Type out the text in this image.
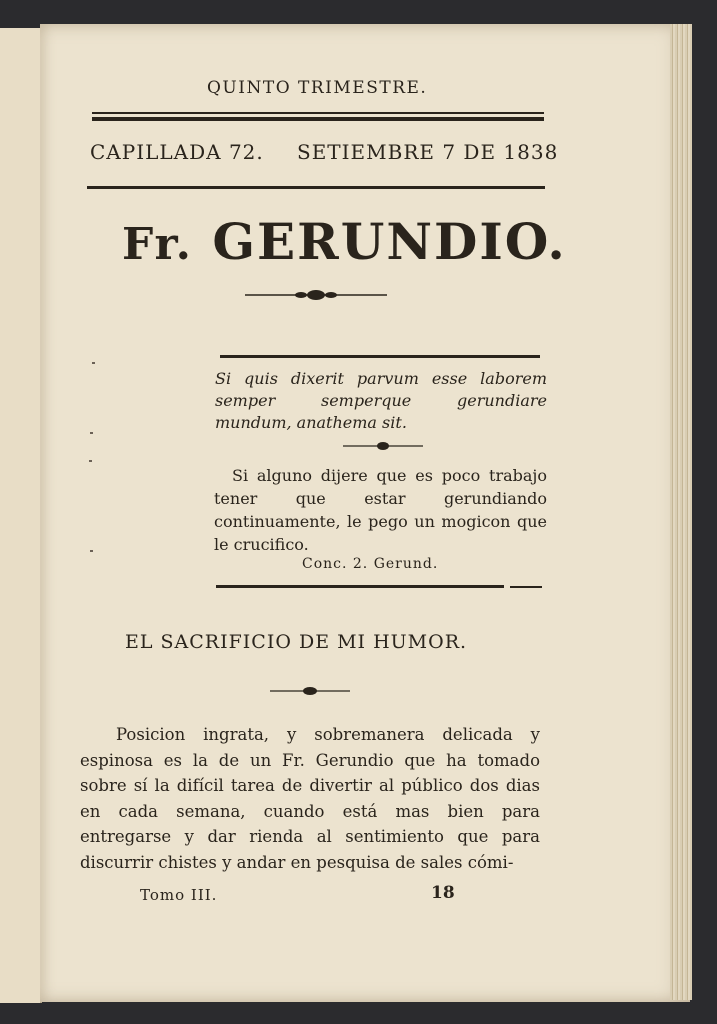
QUINTO TRIMESTRE.
CAPILLADA 72. SETIEMBRE 7 DE 1838
Fr. GERUNDIO.
Si quis dixerit parvum esse laborem semper semperque gerundiare mundum, anathema sit.
Si alguno dijere que es poco trabajo tener que estar gerundiando continuamente, le pego un mogicon que le crucifico.
Conc. 2. Gerund.
EL SACRIFICIO DE MI HUMOR.

Posicion ingrata, y sobremanera delicada y espinosa es la de un Fr. Gerundio que ha tomado sobre sí la difícil tarea de divertir al público dos dias en cada semana, cuando está mas bien para entregarse y dar rienda al sentimiento que para discurrir chistes y andar en pesquisa de sales cómi-

Tomo III.	18
